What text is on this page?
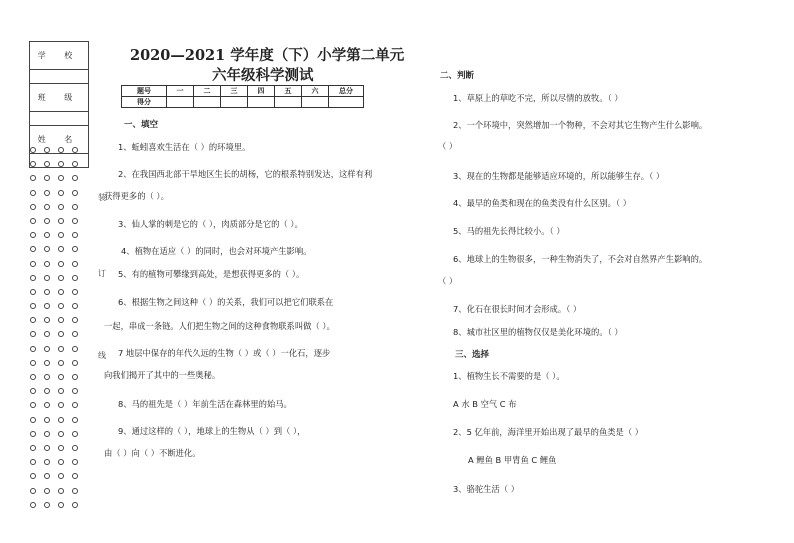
学 校

班 级

姓 名

装
订
线
2020—2021 学年度（下）小学第二单元
六年级科学测试
题号	一	二	三	四	五	六	总分
得分							
一、填空
1、蚯蚓喜欢生活在（ ）的环境里。
2、在我国西北部干旱地区生长的胡杨，它的根系特别发达，这样有利
获得更多的（ ）。
3、仙人掌的刺是它的（ ），肉质部分是它的（ ）。
4、植物在适应（ ）的同时，也会对环境产生影响。
5、有的植物可攀缘到高处，是想获得更多的（ ）。
6、根据生物之间这种（ ）的关系，我们可以把它们联系在
一起，串成一条链。人们把生物之间的这种食物联系叫做（ ）。
7 地层中保存的年代久远的生物（ ）或（ ）一化石，逐步
向我们揭开了其中的一些奥秘。
8、马的祖先是（ ）年前生活在森林里的始马。
9、通过这样的（ ），地球上的生物从（ ）到（ ），
由（ ）向（ ）不断进化。
二、判断
1、草原上的草吃不完，所以尽情的放牧。（ ）
2、一个环境中，突然增加一个物种，不会对其它生物产生什么影响。
（ ）
3、现在的生物都是能够适应环境的，所以能够生存。（ ）
4、最早的鱼类和现在的鱼类没有什么区别。（ ）
5、马的祖先长得比较小。（ ）
6、地球上的生物很多，一种生物消失了，不会对自然界产生影响的。
（ ）
7、化石在很长时间才会形成。（ ）
8、城市社区里的植物仅仅是美化环境的。（ ）
三、选择
1、植物生长不需要的是（ ）。
A 水 B 空气 C 布
2、5 亿年前，海洋里开始出现了最早的鱼类是（ ）
A 鲤鱼 B 甲胄鱼 C 鲤鱼
3、骆驼生活（ ）
